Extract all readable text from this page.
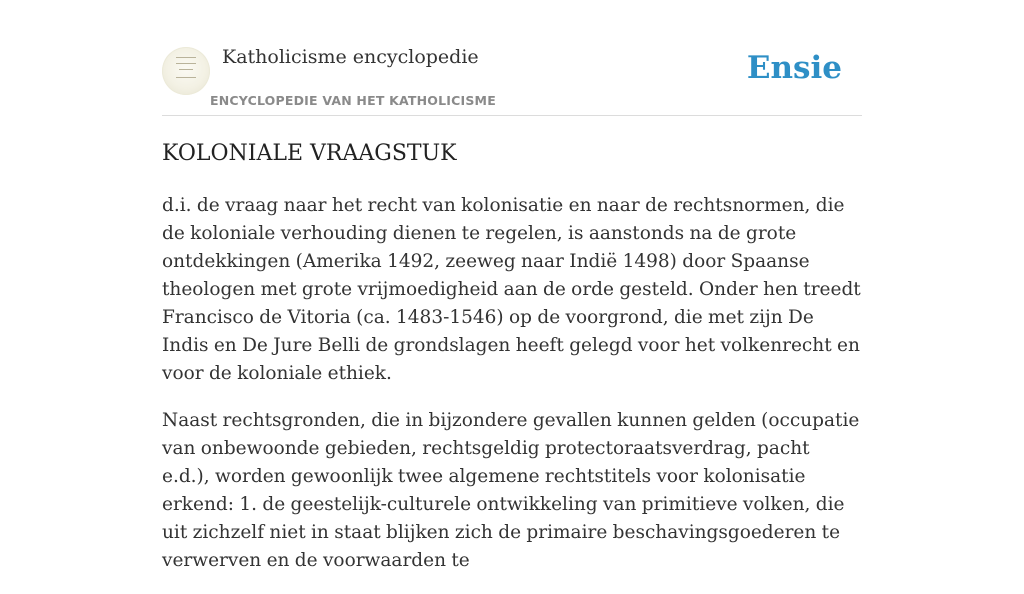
Katholicisme encyclopedie
ENCYCLOPEDIE VAN HET KATHOLICISME
Ensie
KOLONIALE VRAAGSTUK

d.i. de vraag naar het recht van kolonisatie en naar de rechtsnormen, die de koloniale verhouding dienen te regelen, is aanstonds na de grote ontdekkingen (Amerika 1492, zeeweg naar Indië 1498) door Spaanse theologen met grote vrijmoedigheid aan de orde gesteld. Onder hen treedt Francisco de Vitoria (ca. 1483-1546) op de voorgrond, die met zijn De Indis en De Jure Belli de grondslagen heeft gelegd voor het volkenrecht en voor de koloniale ethiek.

Naast rechtsgronden, die in bijzondere gevallen kunnen gelden (occupatie van onbewoonde gebieden, rechtsgeldig protectoraatsverdrag, pacht e.d.), worden gewoonlijk twee algemene rechtstitels voor kolonisatie erkend: 1. de geestelijk-culturele ontwikkeling van primitieve volken, die uit zichzelf niet in staat blijken zich de primaire beschavingsgoederen te verwerven en de voorwaarden te
